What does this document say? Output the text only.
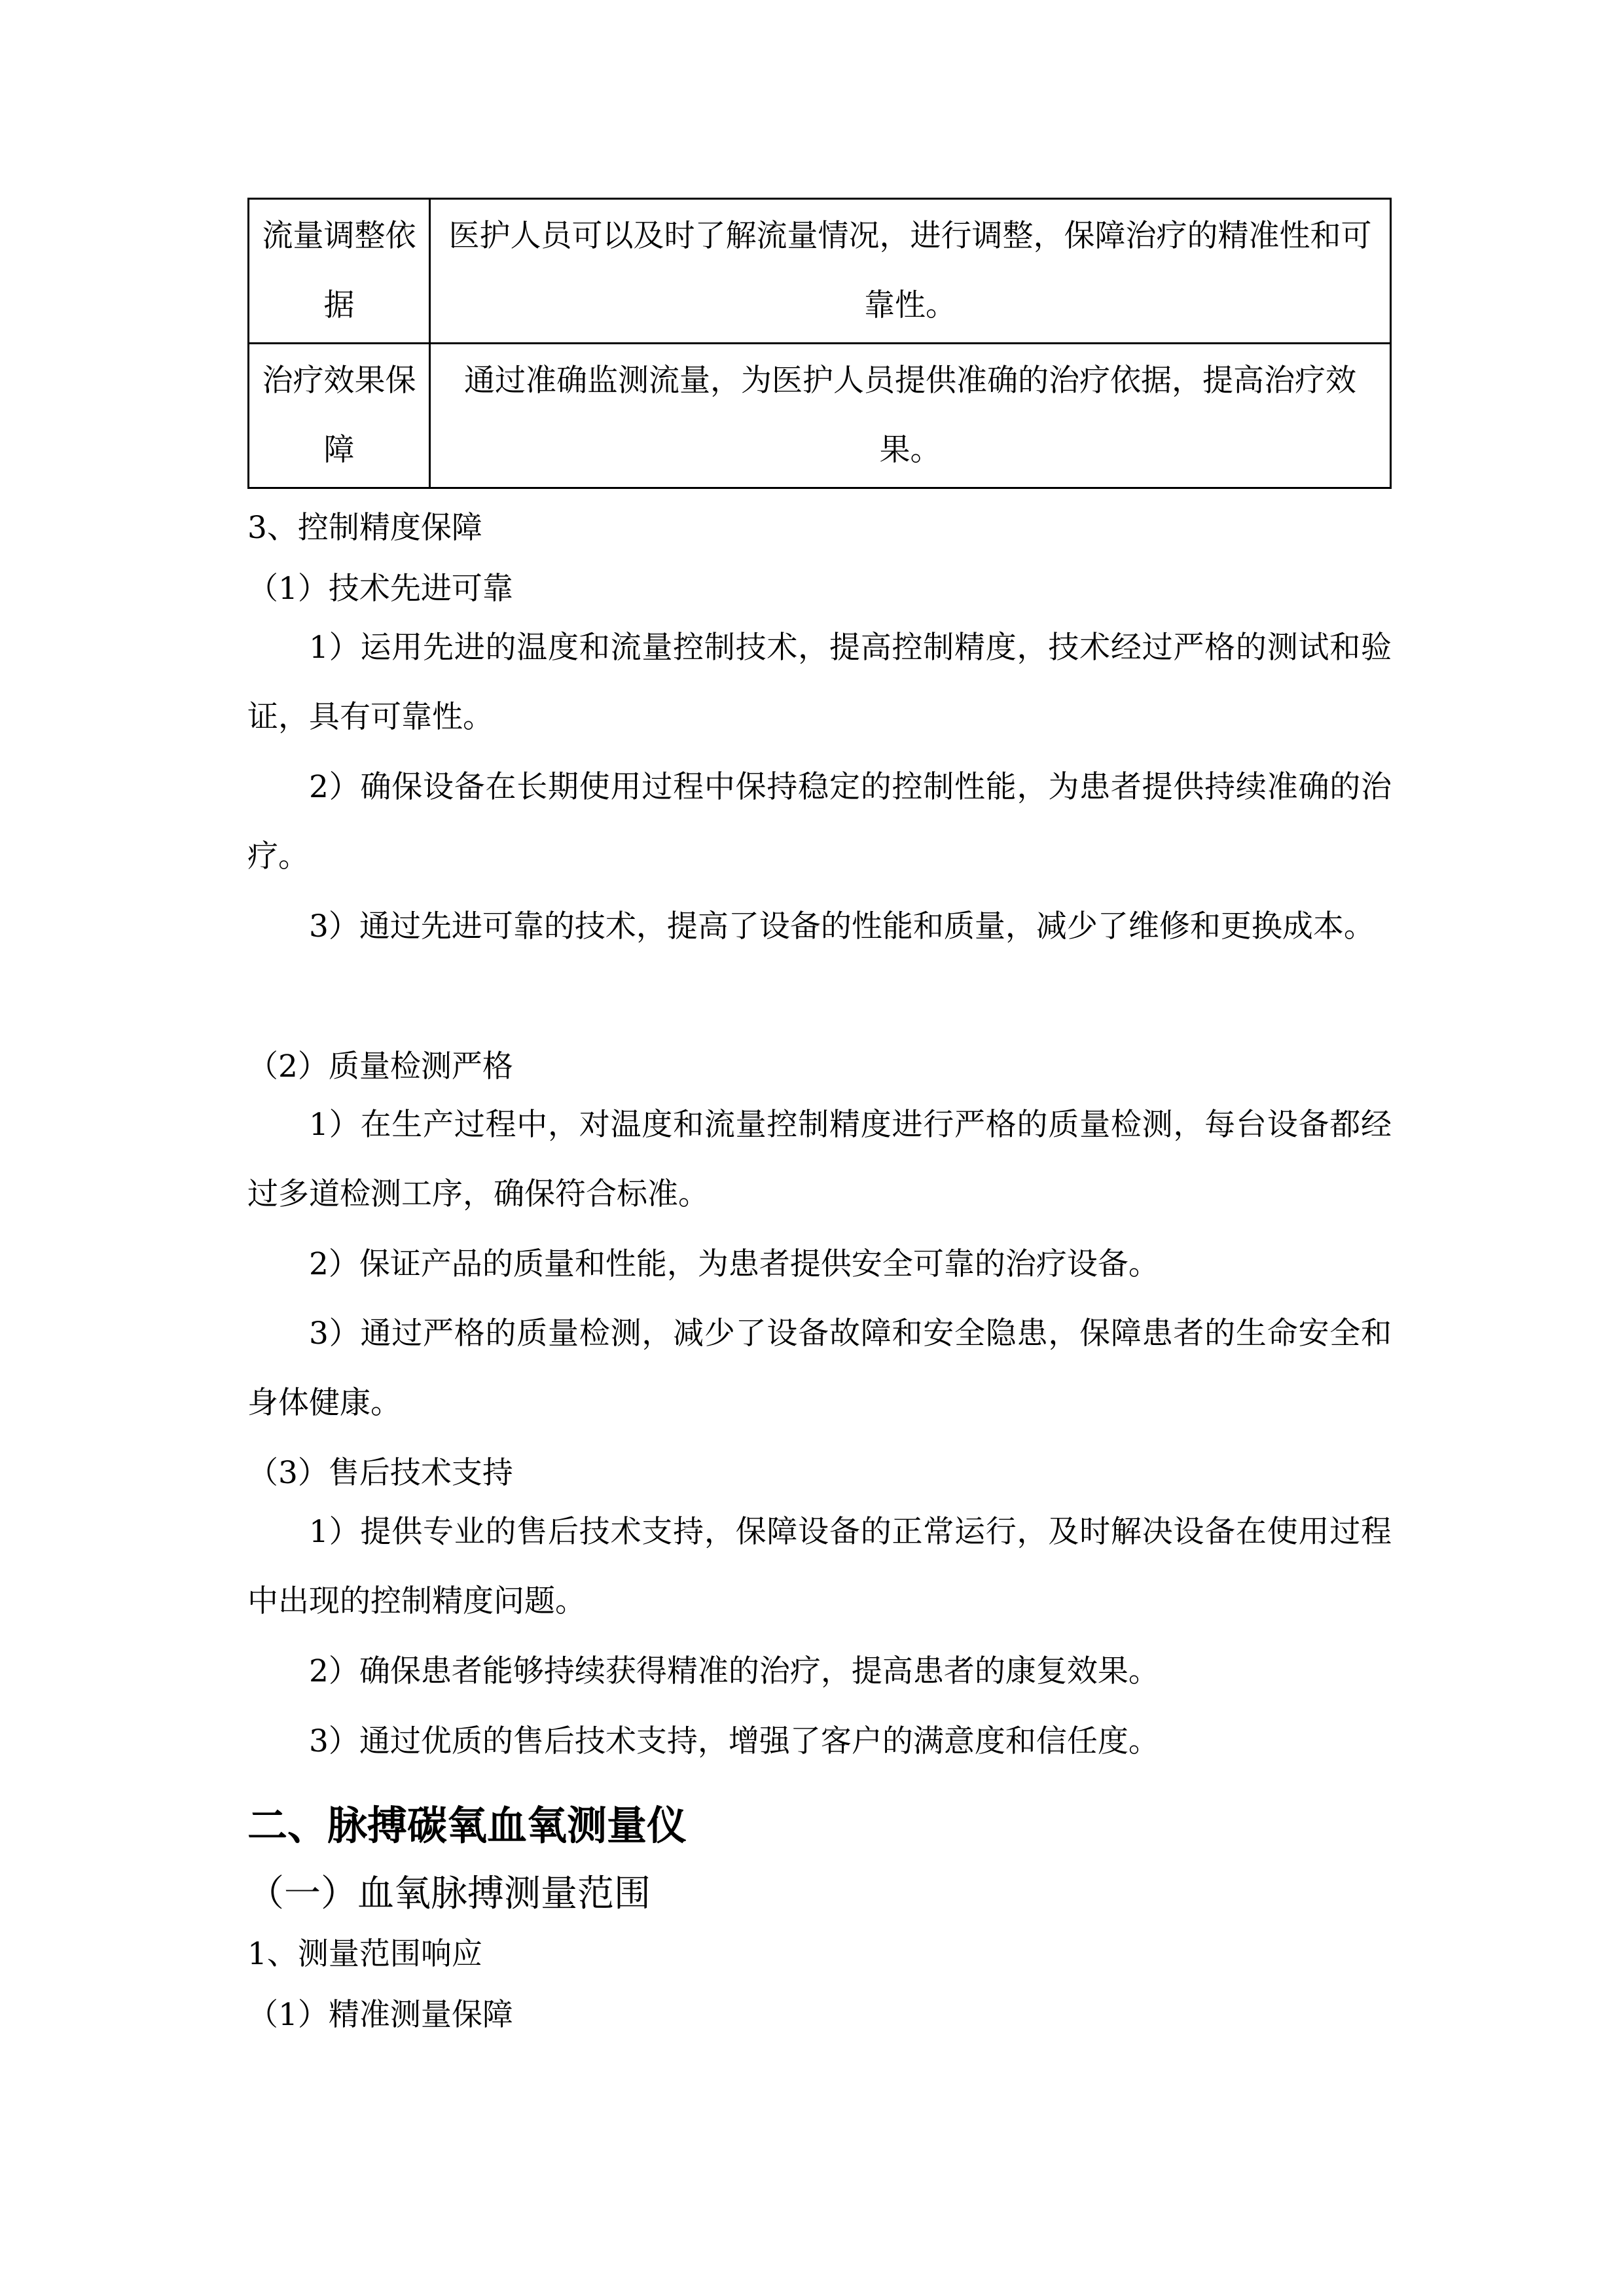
流量调整依据	医护人员可以及时了解流量情况，进行调整，保障治疗的精准性和可靠性。
治疗效果保障	通过准确监测流量，为医护人员提供准确的治疗依据，提高治疗效果。
3、控制精度保障
（1）技术先进可靠
1）运用先进的温度和流量控制技术，提高控制精度，技术经过严格的测试和验证，具有可靠性。
2）确保设备在长期使用过程中保持稳定的控制性能，为患者提供持续准确的治疗。
3）通过先进可靠的技术，提高了设备的性能和质量，减少了维修和更换成本。
（2）质量检测严格
1）在生产过程中，对温度和流量控制精度进行严格的质量检测，每台设备都经过多道检测工序，确保符合标准。
2）保证产品的质量和性能，为患者提供安全可靠的治疗设备。
3）通过严格的质量检测，减少了设备故障和安全隐患，保障患者的生命安全和身体健康。
（3）售后技术支持
1）提供专业的售后技术支持，保障设备的正常运行，及时解决设备在使用过程中出现的控制精度问题。
2）确保患者能够持续获得精准的治疗，提高患者的康复效果。
3）通过优质的售后技术支持，增强了客户的满意度和信任度。
二、脉搏碳氧血氧测量仪
（一）血氧脉搏测量范围
1、测量范围响应
（1）精准测量保障
